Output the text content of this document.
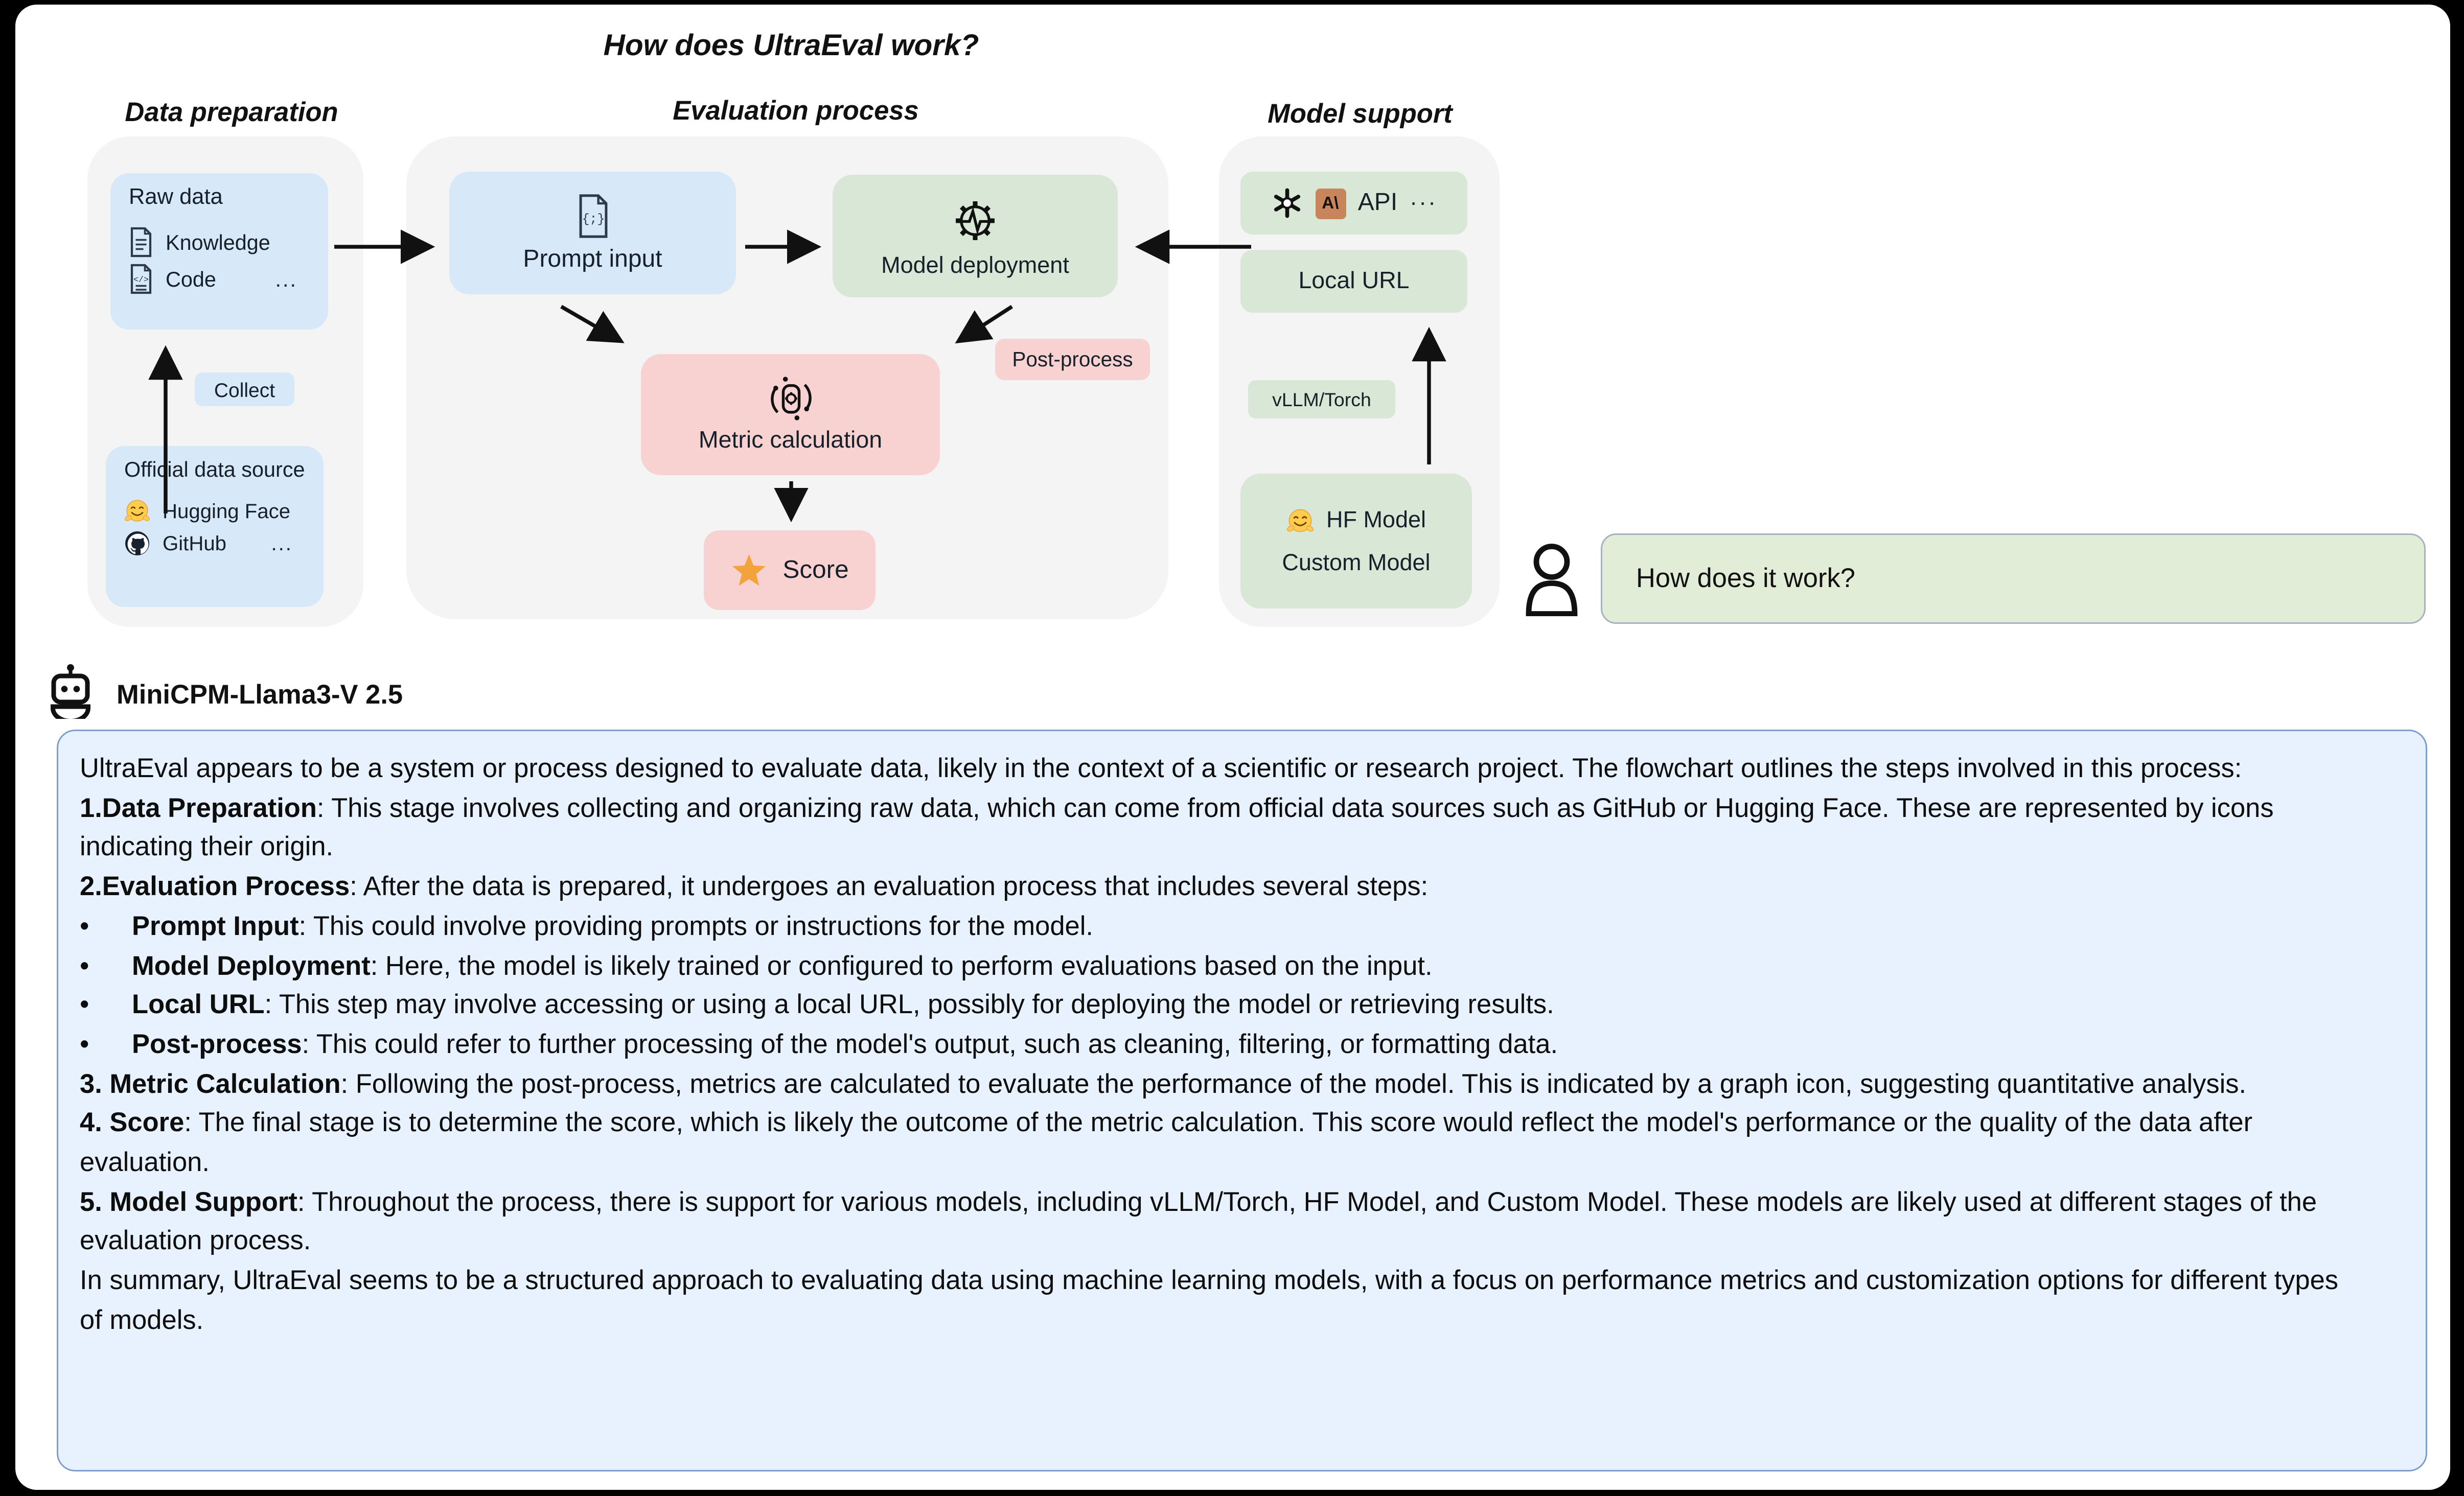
How does UltraEval work?
Data preparation	Evaluation process	Model support
Raw data
Knowledge
</> Code	...
Collect
Official data source
Hugging Face
GitHub	...
{;}
Prompt input	Model deployment
Post-process
Metric calculation
Score
A\	API ···
Local URL
vLLM/Torch
HF Model
Custom Model	How does it work?
MiniCPM-Llama3-V 2.5
UltraEval appears to be a system or process designed to evaluate data, likely in the context of a scientific or research project. The flowchart outlines the steps involved in this process:
1.Data Preparation: This stage involves collecting and organizing raw data, which can come from official data sources such as GitHub or Hugging Face. These are represented by icons indicating their origin.
2.Evaluation Process: After the data is prepared, it undergoes an evaluation process that includes several steps:
•	Prompt Input: This could involve providing prompts or instructions for the model.
•	Model Deployment: Here, the model is likely trained or configured to perform evaluations based on the input.
•	Local URL: This step may involve accessing or using a local URL, possibly for deploying the model or retrieving results.
•	Post-process: This could refer to further processing of the model's output, such as cleaning, filtering, or formatting data.
3. Metric Calculation: Following the post-process, metrics are calculated to evaluate the performance of the model. This is indicated by a graph icon, suggesting quantitative analysis.
4. Score: The final stage is to determine the score, which is likely the outcome of the metric calculation. This score would reflect the model's performance or the quality of the data after evaluation.
5. Model Support: Throughout the process, there is support for various models, including vLLM/Torch, HF Model, and Custom Model. These models are likely used at different stages of the evaluation process.
In summary, UltraEval seems to be a structured approach to evaluating data using machine learning models, with a focus on performance metrics and customization options for different types of models.
